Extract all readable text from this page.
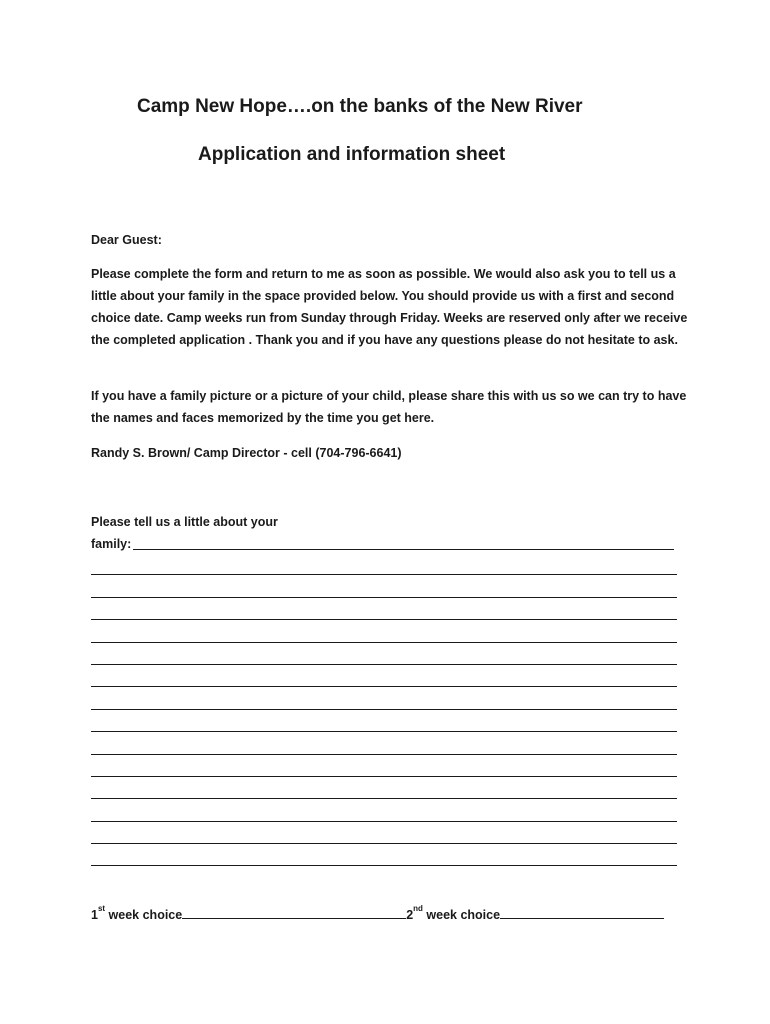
Camp New Hope….on the banks of the New River
Application and information sheet
Dear Guest:
Please complete the form and return to me as soon as possible. We would also ask you to tell us a little about your family in the space provided below. You should provide us with a first and second choice date. Camp weeks run from Sunday through Friday. Weeks are reserved only after we receive the completed application . Thank you and if you have any questions please do not hesitate to ask.
If you have a family picture or a picture of your child, please share this with us so we can try to have the names and faces memorized by the time you get here.
Randy S. Brown/ Camp Director - cell (704-796-6641)
Please tell us a little about your
family:
1st week choice	2nd week choice
